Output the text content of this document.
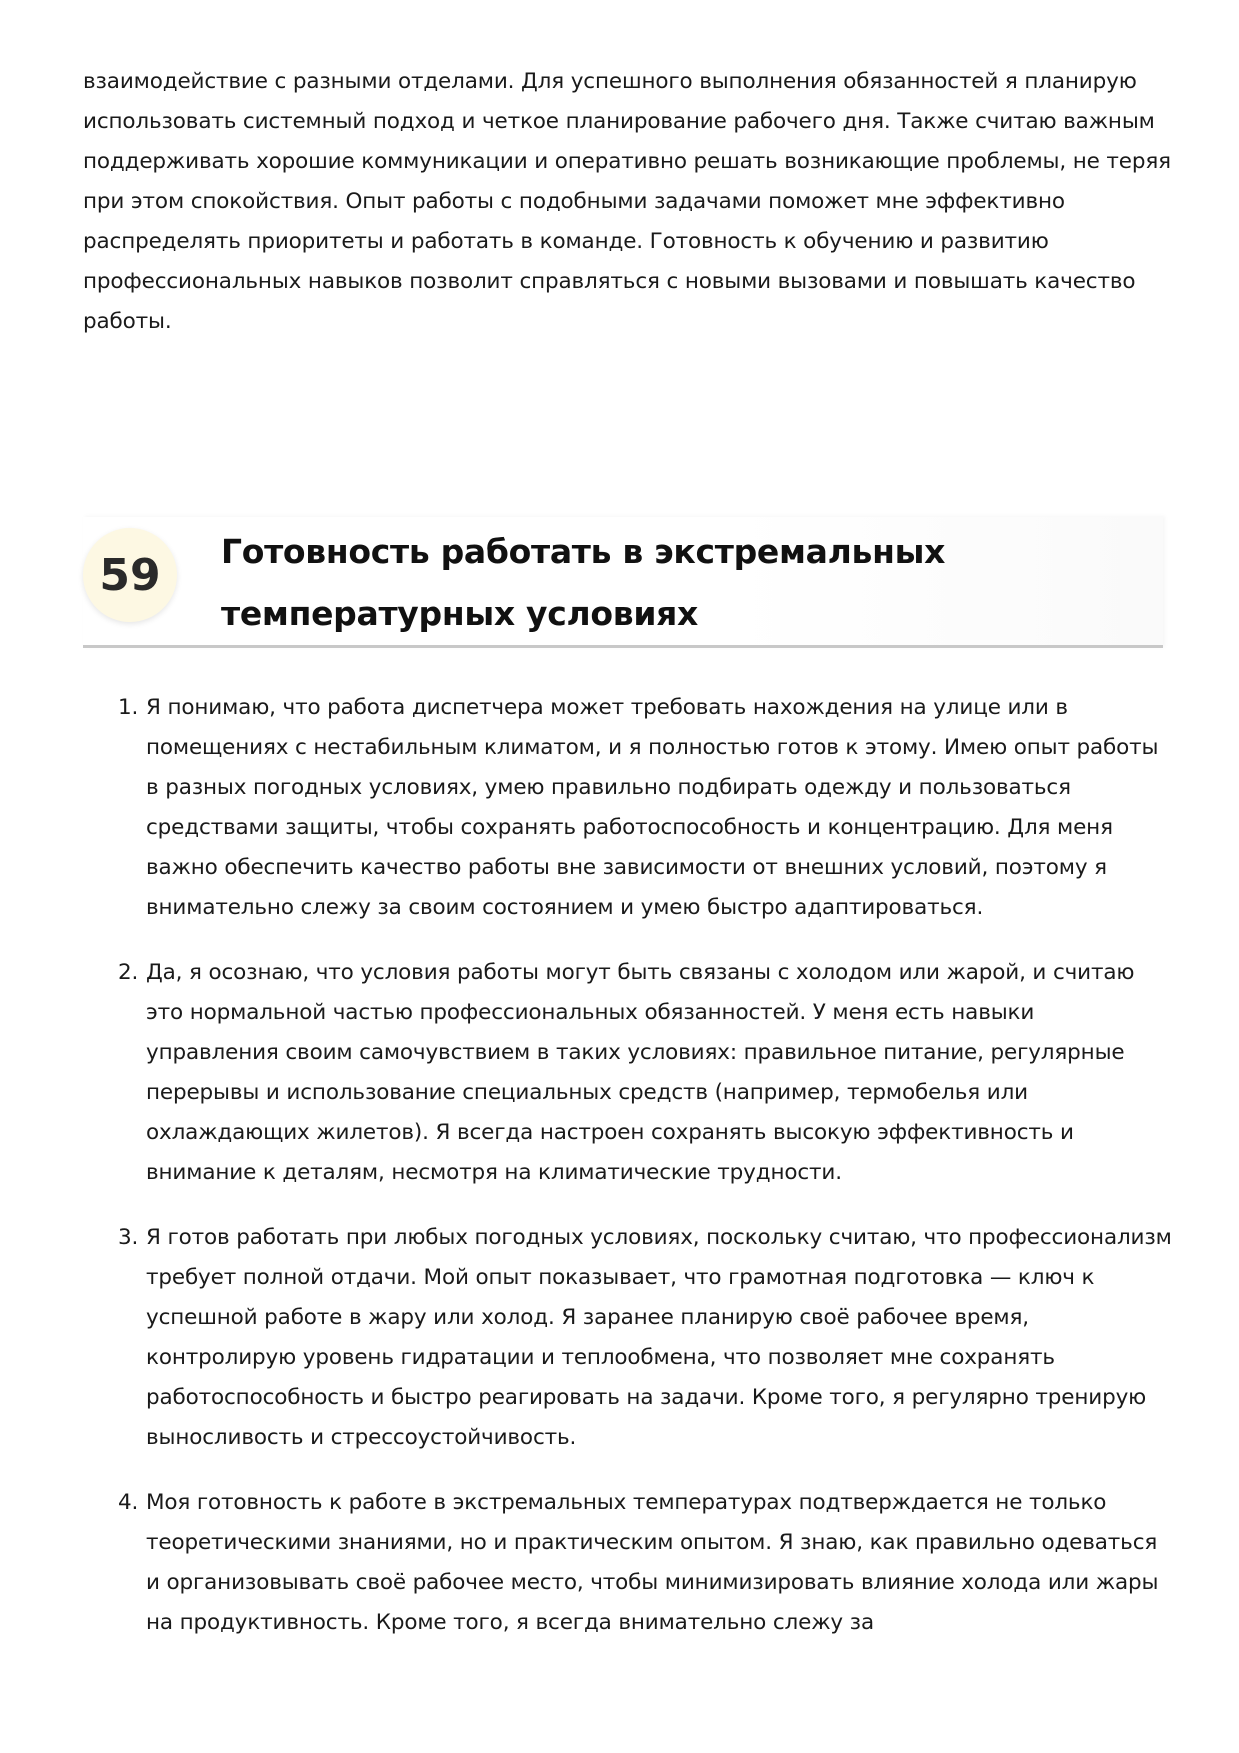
взаимодействие с разными отделами. Для успешного выполнения обязанностей я планирую использовать системный подход и четкое планирование рабочего дня. Также считаю важным поддерживать хорошие коммуникации и оперативно решать возникающие проблемы, не теряя при этом спокойствия. Опыт работы с подобными задачами поможет мне эффективно распределять приоритеты и работать в команде. Готовность к обучению и развитию профессиональных навыков позволит справляться с новыми вызовами и повышать качество работы.

59	Готовность работать в экстремальных температурных условиях
1. Я понимаю, что работа диспетчера может требовать нахождения на улице или в помещениях с нестабильным климатом, и я полностью готов к этому. Имею опыт работы в разных погодных условиях, умею правильно подбирать одежду и пользоваться средствами защиты, чтобы сохранять работоспособность и концентрацию. Для меня важно обеспечить качество работы вне зависимости от внешних условий, поэтому я внимательно слежу за своим состоянием и умею быстро адаптироваться.
2. Да, я осознаю, что условия работы могут быть связаны с холодом или жарой, и считаю это нормальной частью профессиональных обязанностей. У меня есть навыки управления своим самочувствием в таких условиях: правильное питание, регулярные перерывы и использование специальных средств (например, термобелья или охлаждающих жилетов). Я всегда настроен сохранять высокую эффективность и внимание к деталям, несмотря на климатические трудности.
3. Я готов работать при любых погодных условиях, поскольку считаю, что профессионализм требует полной отдачи. Мой опыт показывает, что грамотная подготовка — ключ к успешной работе в жару или холод. Я заранее планирую своё рабочее время, контролирую уровень гидратации и теплообмена, что позволяет мне сохранять работоспособность и быстро реагировать на задачи. Кроме того, я регулярно тренирую выносливость и стрессоустойчивость.
4. Моя готовность к работе в экстремальных температурах подтверждается не только теоретическими знаниями, но и практическим опытом. Я знаю, как правильно одеваться и организовывать своё рабочее место, чтобы минимизировать влияние холода или жары на продуктивность. Кроме того, я всегда внимательно слежу за
